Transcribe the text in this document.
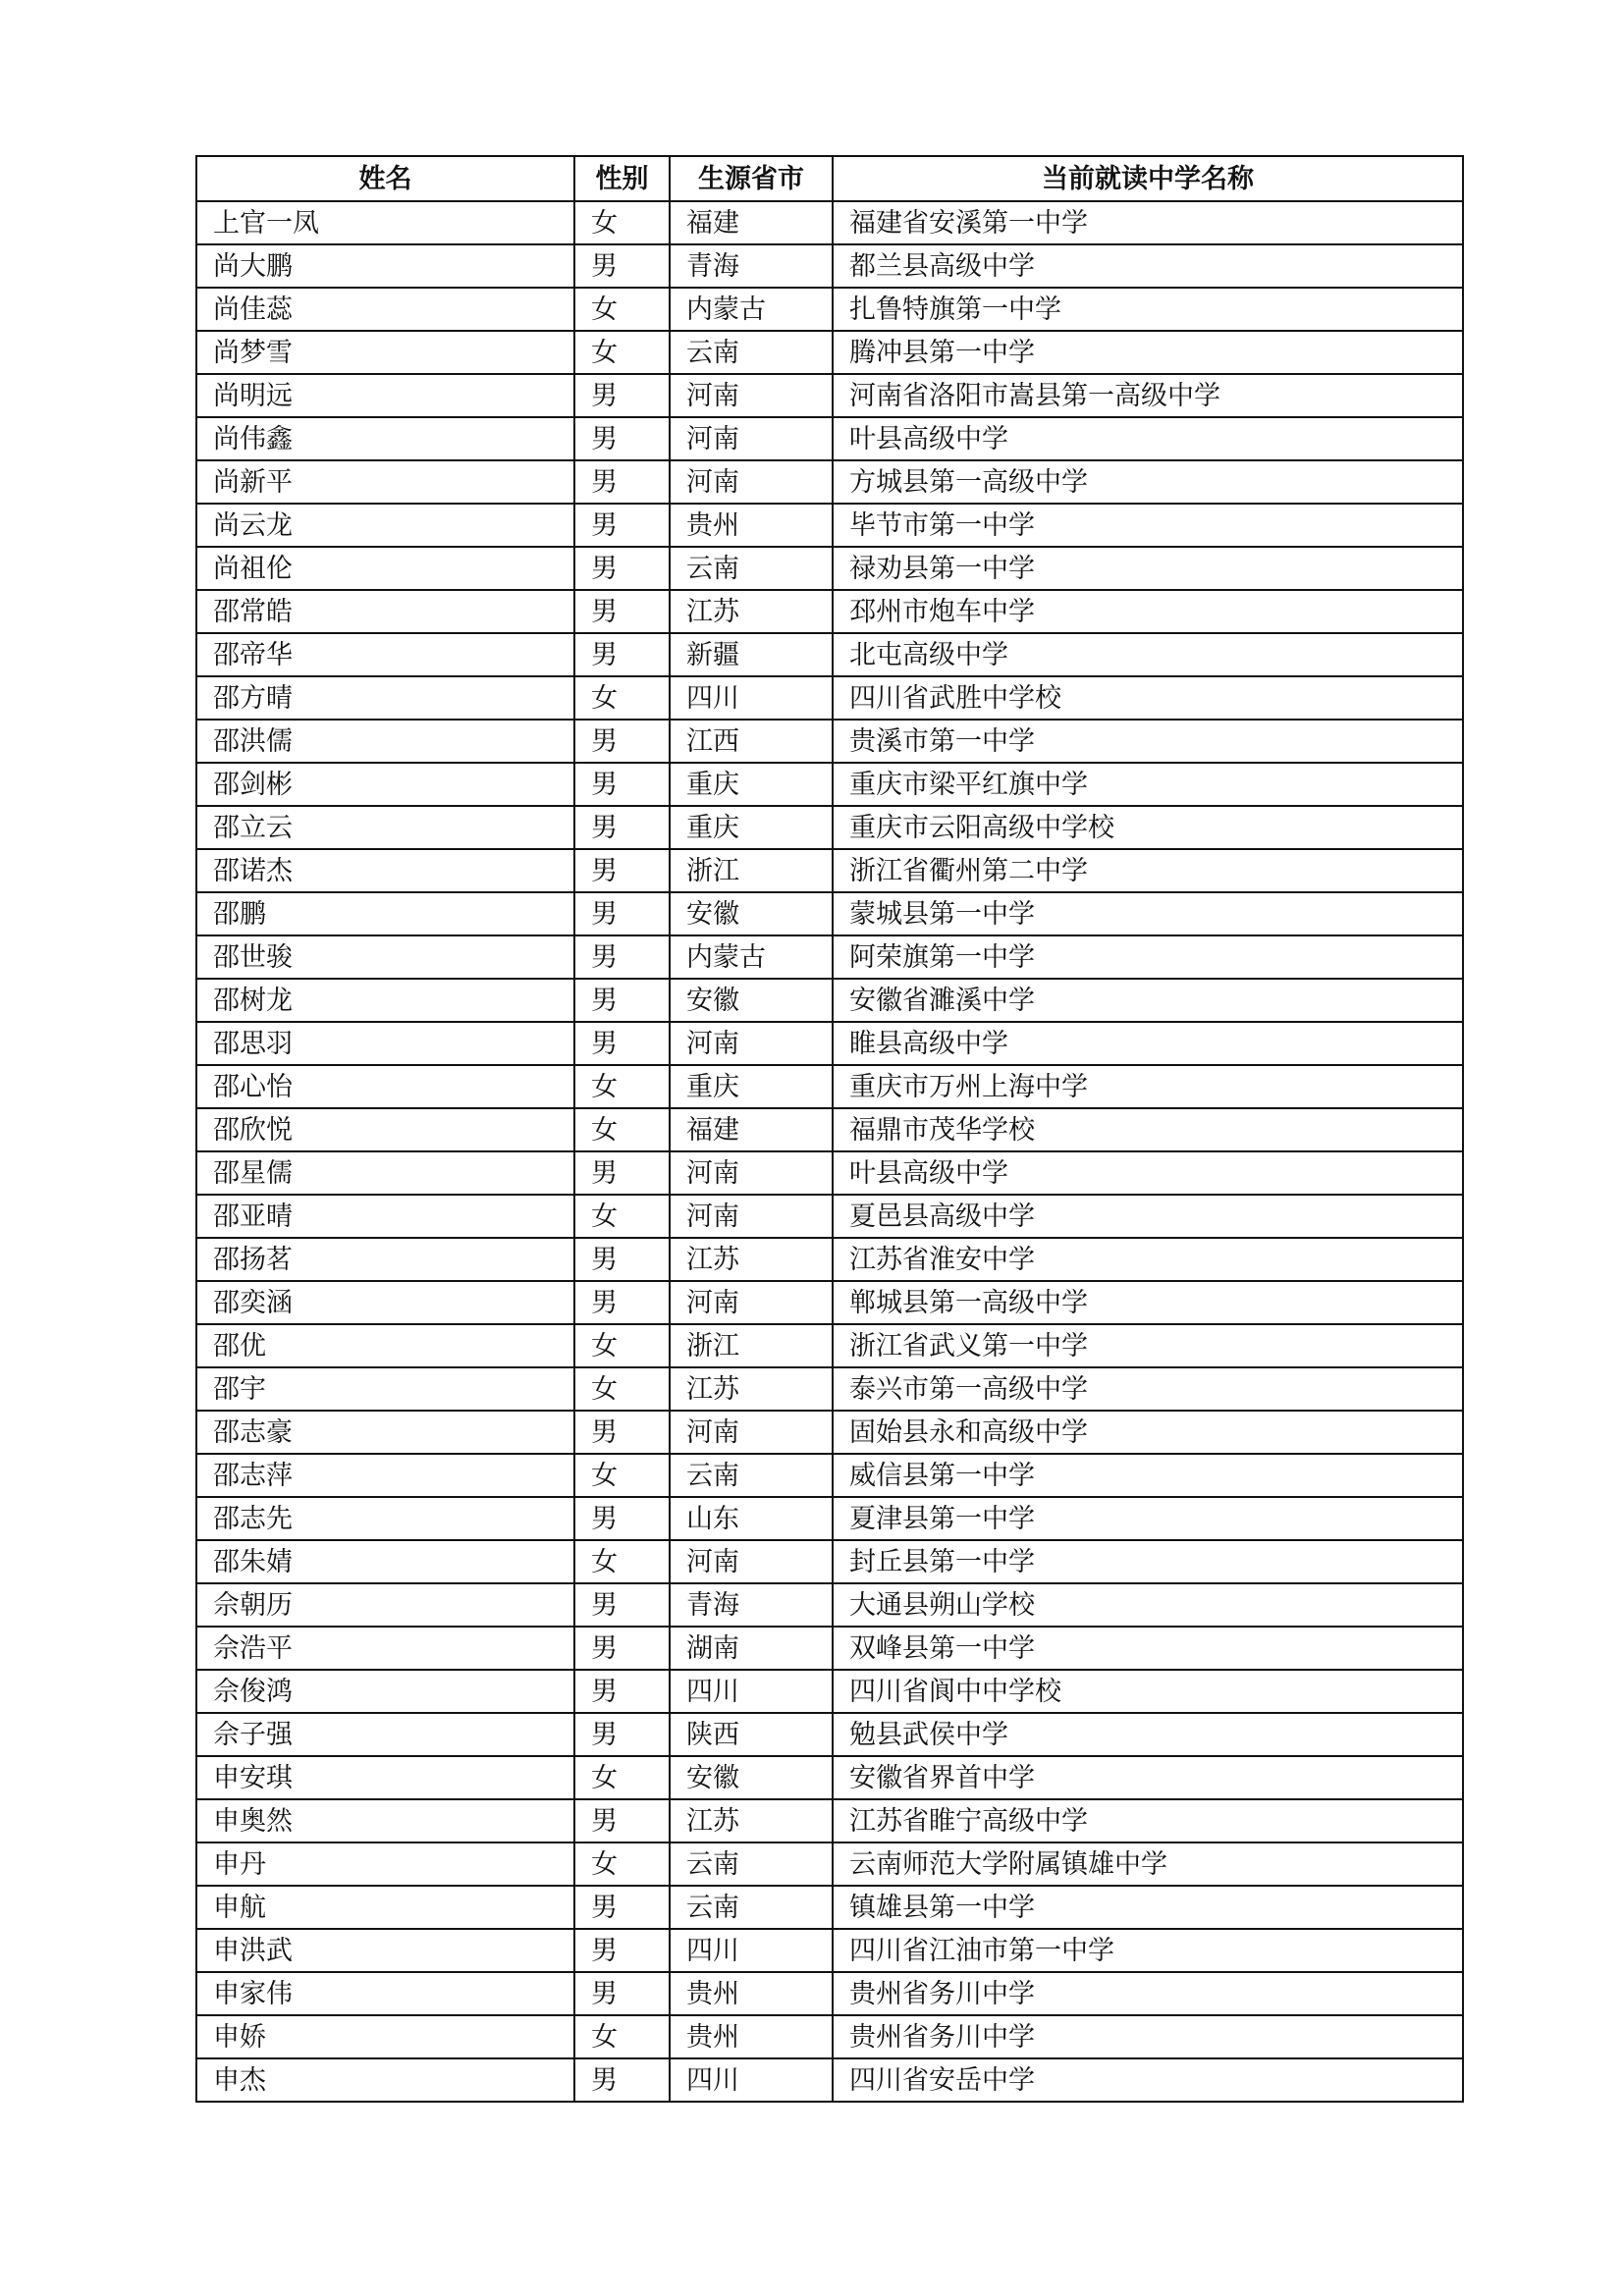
姓名	性别	生源省市	当前就读中学名称
上官一凤	女	福建	福建省安溪第一中学
尚大鹏	男	青海	都兰县高级中学
尚佳蕊	女	内蒙古	扎鲁特旗第一中学
尚梦雪	女	云南	腾冲县第一中学
尚明远	男	河南	河南省洛阳市嵩县第一高级中学
尚伟鑫	男	河南	叶县高级中学
尚新平	男	河南	方城县第一高级中学
尚云龙	男	贵州	毕节市第一中学
尚祖伦	男	云南	禄劝县第一中学
邵常皓	男	江苏	邳州市炮车中学
邵帝华	男	新疆	北屯高级中学
邵方晴	女	四川	四川省武胜中学校
邵洪儒	男	江西	贵溪市第一中学
邵剑彬	男	重庆	重庆市梁平红旗中学
邵立云	男	重庆	重庆市云阳高级中学校
邵诺杰	男	浙江	浙江省衢州第二中学
邵鹏	男	安徽	蒙城县第一中学
邵世骏	男	内蒙古	阿荣旗第一中学
邵树龙	男	安徽	安徽省濉溪中学
邵思羽	男	河南	睢县高级中学
邵心怡	女	重庆	重庆市万州上海中学
邵欣悦	女	福建	福鼎市茂华学校
邵星儒	男	河南	叶县高级中学
邵亚晴	女	河南	夏邑县高级中学
邵扬茗	男	江苏	江苏省淮安中学
邵奕涵	男	河南	郸城县第一高级中学
邵优	女	浙江	浙江省武义第一中学
邵宇	女	江苏	泰兴市第一高级中学
邵志豪	男	河南	固始县永和高级中学
邵志萍	女	云南	威信县第一中学
邵志先	男	山东	夏津县第一中学
邵朱婧	女	河南	封丘县第一中学
佘朝历	男	青海	大通县朔山学校
佘浩平	男	湖南	双峰县第一中学
佘俊鸿	男	四川	四川省阆中中学校
佘子强	男	陕西	勉县武侯中学
申安琪	女	安徽	安徽省界首中学
申奥然	男	江苏	江苏省睢宁高级中学
申丹	女	云南	云南师范大学附属镇雄中学
申航	男	云南	镇雄县第一中学
申洪武	男	四川	四川省江油市第一中学
申家伟	男	贵州	贵州省务川中学
申娇	女	贵州	贵州省务川中学
申杰	男	四川	四川省安岳中学
